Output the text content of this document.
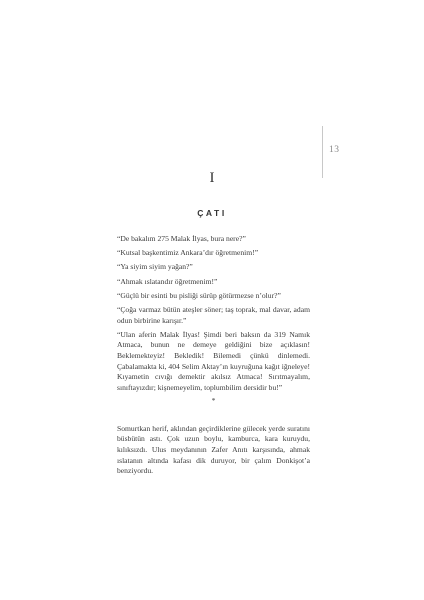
13
I
ÇATI

“De bakalım 275 Malak İlyas, bura nere?”

“Kutsal başkentimiz Ankara’dır öğretmenim!”

“Ya siyim siyim yağan?”

“Ahmak ıslatandır öğretmenim!”

“Güçlü bir esinti bu pisliği sürüp götürmezse n’olur?”

“Çoğa varmaz bütün ateşler söner; taş toprak, mal davar, adam odun birbirine karışır.”

“Ulan aferin Malak İlyas! Şimdi beri baksın da 319 Namık Atmaca, bunun ne demeye geldiğini bize açıklasın! Beklemekteyiz! Bekledik! Bilemedi çünkü dinlemedi. Çabalamakta ki, 404 Selim Aktay’ın kuyruğuna kağıt iğneleye! Kıyametin cıvığı demektir akılsız Atmaca! Sırıtmayalım, sınıftayızdır; kişnemeyelim, toplumbilim dersidir bu!”

*

Somurtkan herif, aklından geçirdiklerine gülecek yerde suratını büsbütün astı. Çok uzun boylu, kamburca, kara kuruydu, kılıksızdı. Ulus meydanının Zafer Anıtı karşısında, ahmak ıslatanın altında kafası dik duruyor, bir çalım Donkişot’a benziyordu.
